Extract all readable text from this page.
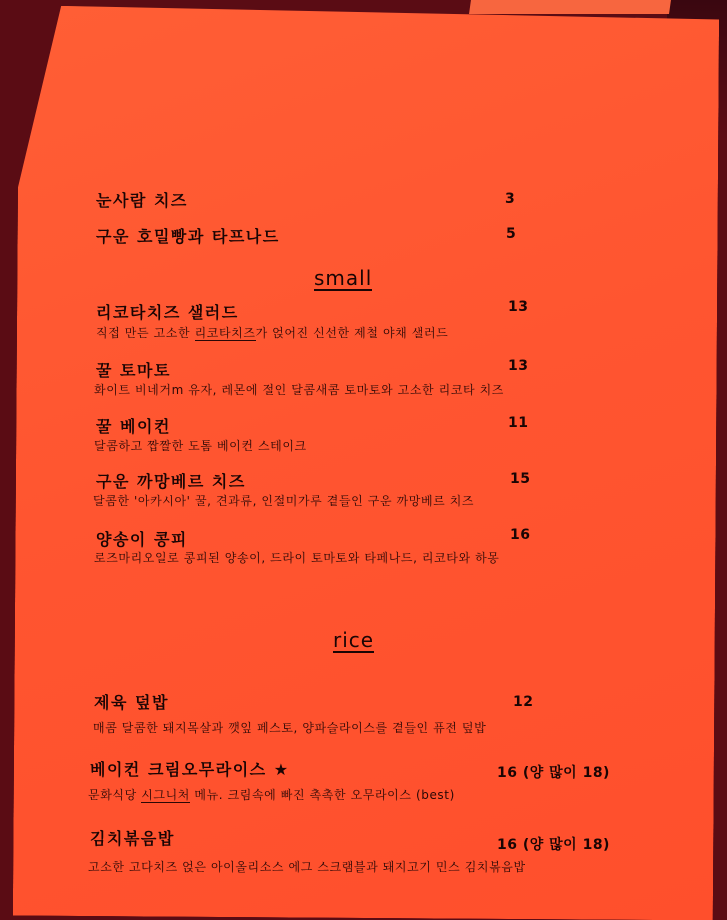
눈사람 치즈	3
구운 호밀빵과 타프나드	5
small
리코타치즈 샐러드	13
직접 만든 고소한 리코타치즈가 얹어진 신선한 제철 야채 샐러드
꿀 토마토	13
화이트 비네거m 유자, 레몬에 절인 달콤새콤 토마토와 고소한 리코타 치즈
꿀 베이컨	11
달콤하고 짭짤한 도톰 베이컨 스테이크
구운 까망베르 치즈	15
달콤한 '아카시아' 꿀, 견과류, 인절미가루 곁들인 구운 까망베르 치즈
양송이 콩피	16
로즈마리오일로 콩피된 양송이, 드라이 토마토와 타페나드, 리코타와 하몽
rice
제육 덮밥	12
매콤 달콤한 돼지목살과 깻잎 페스토, 양파슬라이스를 곁들인 퓨전 덮밥
베이컨 크림오무라이스 ★	16 (양 많이 18)
문화식당 시그니처 메뉴. 크림속에 빠진 촉촉한 오무라이스 (best)
김치볶음밥	16 (양 많이 18)
고소한 고다치즈 얹은 아이올리소스 에그 스크램블과 돼지고기 민스 김치볶음밥
